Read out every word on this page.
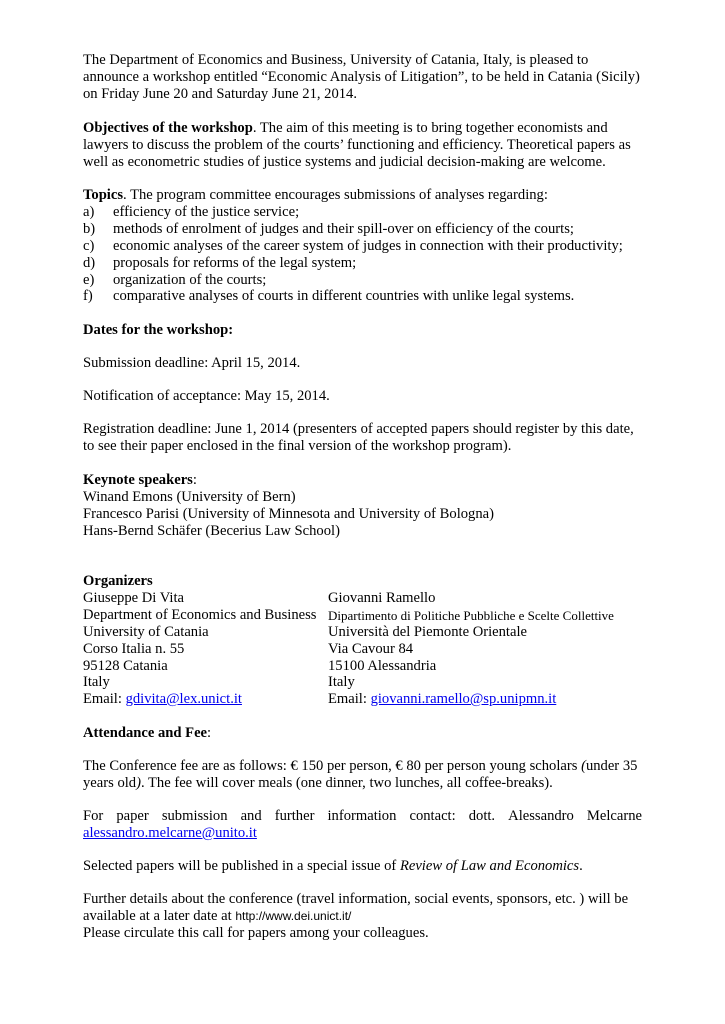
The Department of Economics and Business, University of Catania, Italy, is pleased to
announce a workshop entitled “Economic Analysis of Litigation”, to be held in Catania (Sicily)
on Friday June 20 and Saturday June 21, 2014.
Objectives of the workshop. The aim of this meeting is to bring together economists and
lawyers to discuss the problem of the courts’ functioning and efficiency. Theoretical papers as
well as econometric studies of justice systems and judicial decision-making are welcome.
Topics. The program committee encourages submissions of analyses regarding:
a) efficiency of the justice service;
b) methods of enrolment of judges and their spill-over on efficiency of the courts;
c) economic analyses of the career system of judges in connection with their productivity;
d) proposals for reforms of the legal system;
e) organization of the courts;
f) comparative analyses of courts in different countries with unlike legal systems.
Dates for the workshop:
Submission deadline: April 15, 2014.
Notification of acceptance: May 15, 2014.
Registration deadline: June 1, 2014 (presenters of accepted papers should register by this date,
to see their paper enclosed in the final version of the workshop program).
Keynote speakers:
Winand Emons (University of Bern)
Francesco Parisi (University of Minnesota and University of Bologna)
Hans-Bernd Schäfer (Becerius Law School)
Organizers
Giuseppe Di Vita
Department of Economics and Business
University of Catania
Corso Italia n. 55
95128 Catania
Italy
Email: gdivita@lex.unict.it
Giovanni Ramello
Dipartimento di Politiche Pubbliche e Scelte Collettive
Università del Piemonte Orientale
Via Cavour 84
15100 Alessandria
Italy
Email: giovanni.ramello@sp.unipmn.it
Attendance and Fee:
The Conference fee are as follows: € 150 per person, € 80 per person young scholars (under 35
years old). The fee will cover meals (one dinner, two lunches, all coffee-breaks).
For paper submission and further information contact: dott. Alessandro Melcarne
alessandro.melcarne@unito.it
Selected papers will be published in a special issue of Review of Law and Economics.
Further details about the conference (travel information, social events, sponsors, etc. ) will be
available at a later date at http://www.dei.unict.it/
Please circulate this call for papers among your colleagues.
